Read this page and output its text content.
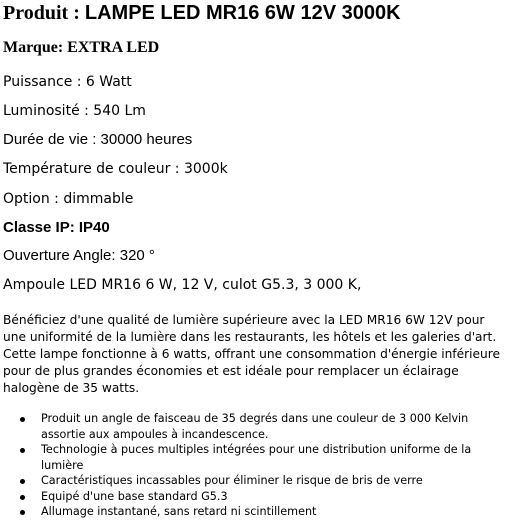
Produit : LAMPE LED MR16 6W 12V 3000K
Marque: EXTRA LED
Puissance : 6 Watt
Luminosité : 540 Lm
Durée de vie : 30000 heures
Température de couleur : 3000k
Option : dimmable
Classe IP: IP40
Ouverture Angle: 320 °
Ampoule LED MR16 6 W, 12 V, culot G5.3, 3 000 K,
Bénéficiez d'une qualité de lumière supérieure avec la LED MR16 6W 12V pour une uniformité de la lumière dans les restaurants, les hôtels et les galeries d'art. Cette lampe fonctionne à 6 watts, offrant une consommation d'énergie inférieure pour de plus grandes économies et est idéale pour remplacer un éclairage halogène de 35 watts.
Produit un angle de faisceau de 35 degrés dans une couleur de 3 000 Kelvin assortie aux ampoules à incandescence.
Technologie à puces multiples intégrées pour une distribution uniforme de la lumière
Caractéristiques incassables pour éliminer le risque de bris de verre
Equipé d'une base standard G5.3
Allumage instantané, sans retard ni scintillement
